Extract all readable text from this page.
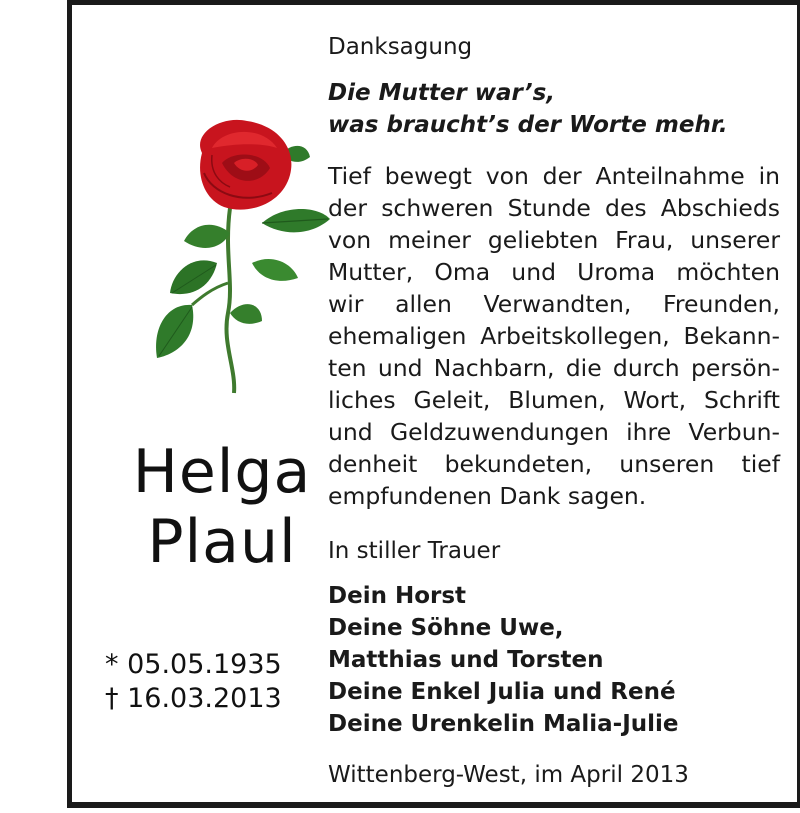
Helga
Plaul
* 05.05.1935
† 16.03.2013
Danksagung
Die Mutter war’s,
was braucht’s der Worte mehr.
Tief bewegt von der Anteilnahme in
der schweren Stunde des Abschieds
von meiner geliebten Frau, unserer
Mutter, Oma und Uroma möchten
wir allen Verwandten, Freunden,
ehemaligen Arbeitskollegen, Bekann-
ten und Nachbarn, die durch persön-
liches Geleit, Blumen, Wort, Schrift
und Geldzuwendungen ihre Verbun-
denheit bekundeten, unseren tief
empfundenen Dank sagen.
In stiller Trauer
Dein Horst
Deine Söhne Uwe,
Matthias und Torsten
Deine Enkel Julia und René
Deine Urenkelin Malia-Julie
Wittenberg-West, im April 2013
